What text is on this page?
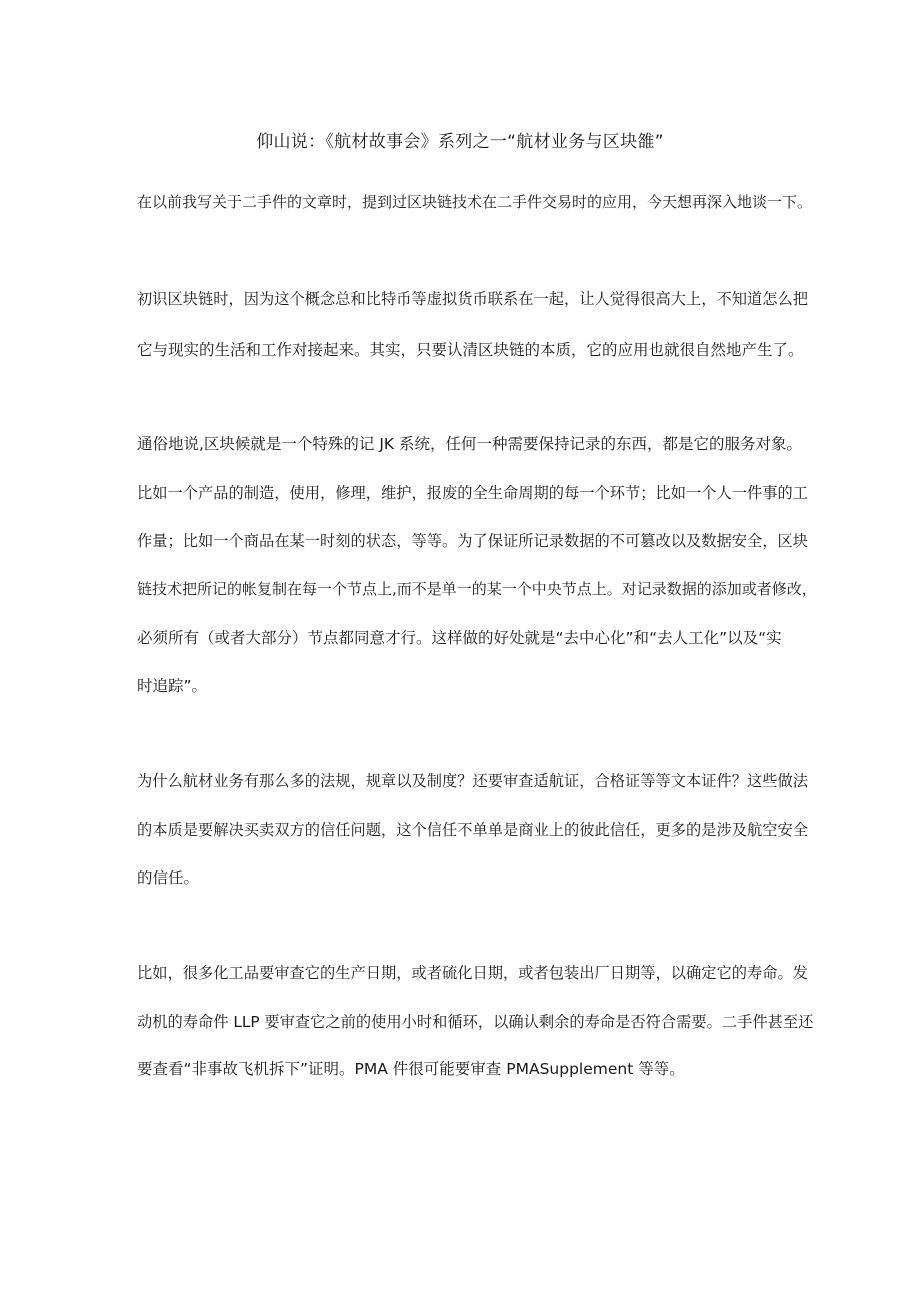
仰山说：《航材故事会》系列之一“航材业务与区块雒”
在以前我写关于二手件的文章时，提到过区块链技术在二手件交易时的应用，今天想再深入地谈一下。
初识区块链时，因为这个概念总和比特币等虚拟货币联系在一起，让人觉得很高大上，不知道怎么把
它与现实的生活和工作对接起来。其实，只要认清区块链的本质，它的应用也就很自然地产生了。
通俗地说,区块候就是一个特殊的记 JK 系统，任何一种需要保持记录的东西，都是它的服务对象。
比如一个产品的制造，使用，修理，维护，报废的全生命周期的每一个环节；比如一个人一件事的工
作量；比如一个商品在某一时刻的状态，等等。为了保证所记录数据的不可篡改以及数据安全，区块
链技术把所记的帐复制在每一个节点上,而不是单一的某一个中央节点上。对记录数据的添加或者修改，
必须所有（或者大部分）节点都同意才行。这样做的好处就是“去中心化”和“去人工化”以及“实
时追踪”。
为什么航材业务有那么多的法规，规章以及制度？还要审查适航证，合格证等等文本证件？这些做法
的本质是要解决买卖双方的信任问题，这个信任不单单是商业上的彼此信任，更多的是涉及航空安全
的信任。
比如，很多化工品要审查它的生产日期，或者硫化日期，或者包装出厂日期等，以确定它的寿命。发
动机的寿命件 LLP 要审查它之前的使用小时和循环，以确认剩余的寿命是否符合需要。二手件甚至还
要查看“非事故飞机拆下”证明。PMA 件很可能要审查 PMASupplement 等等。
